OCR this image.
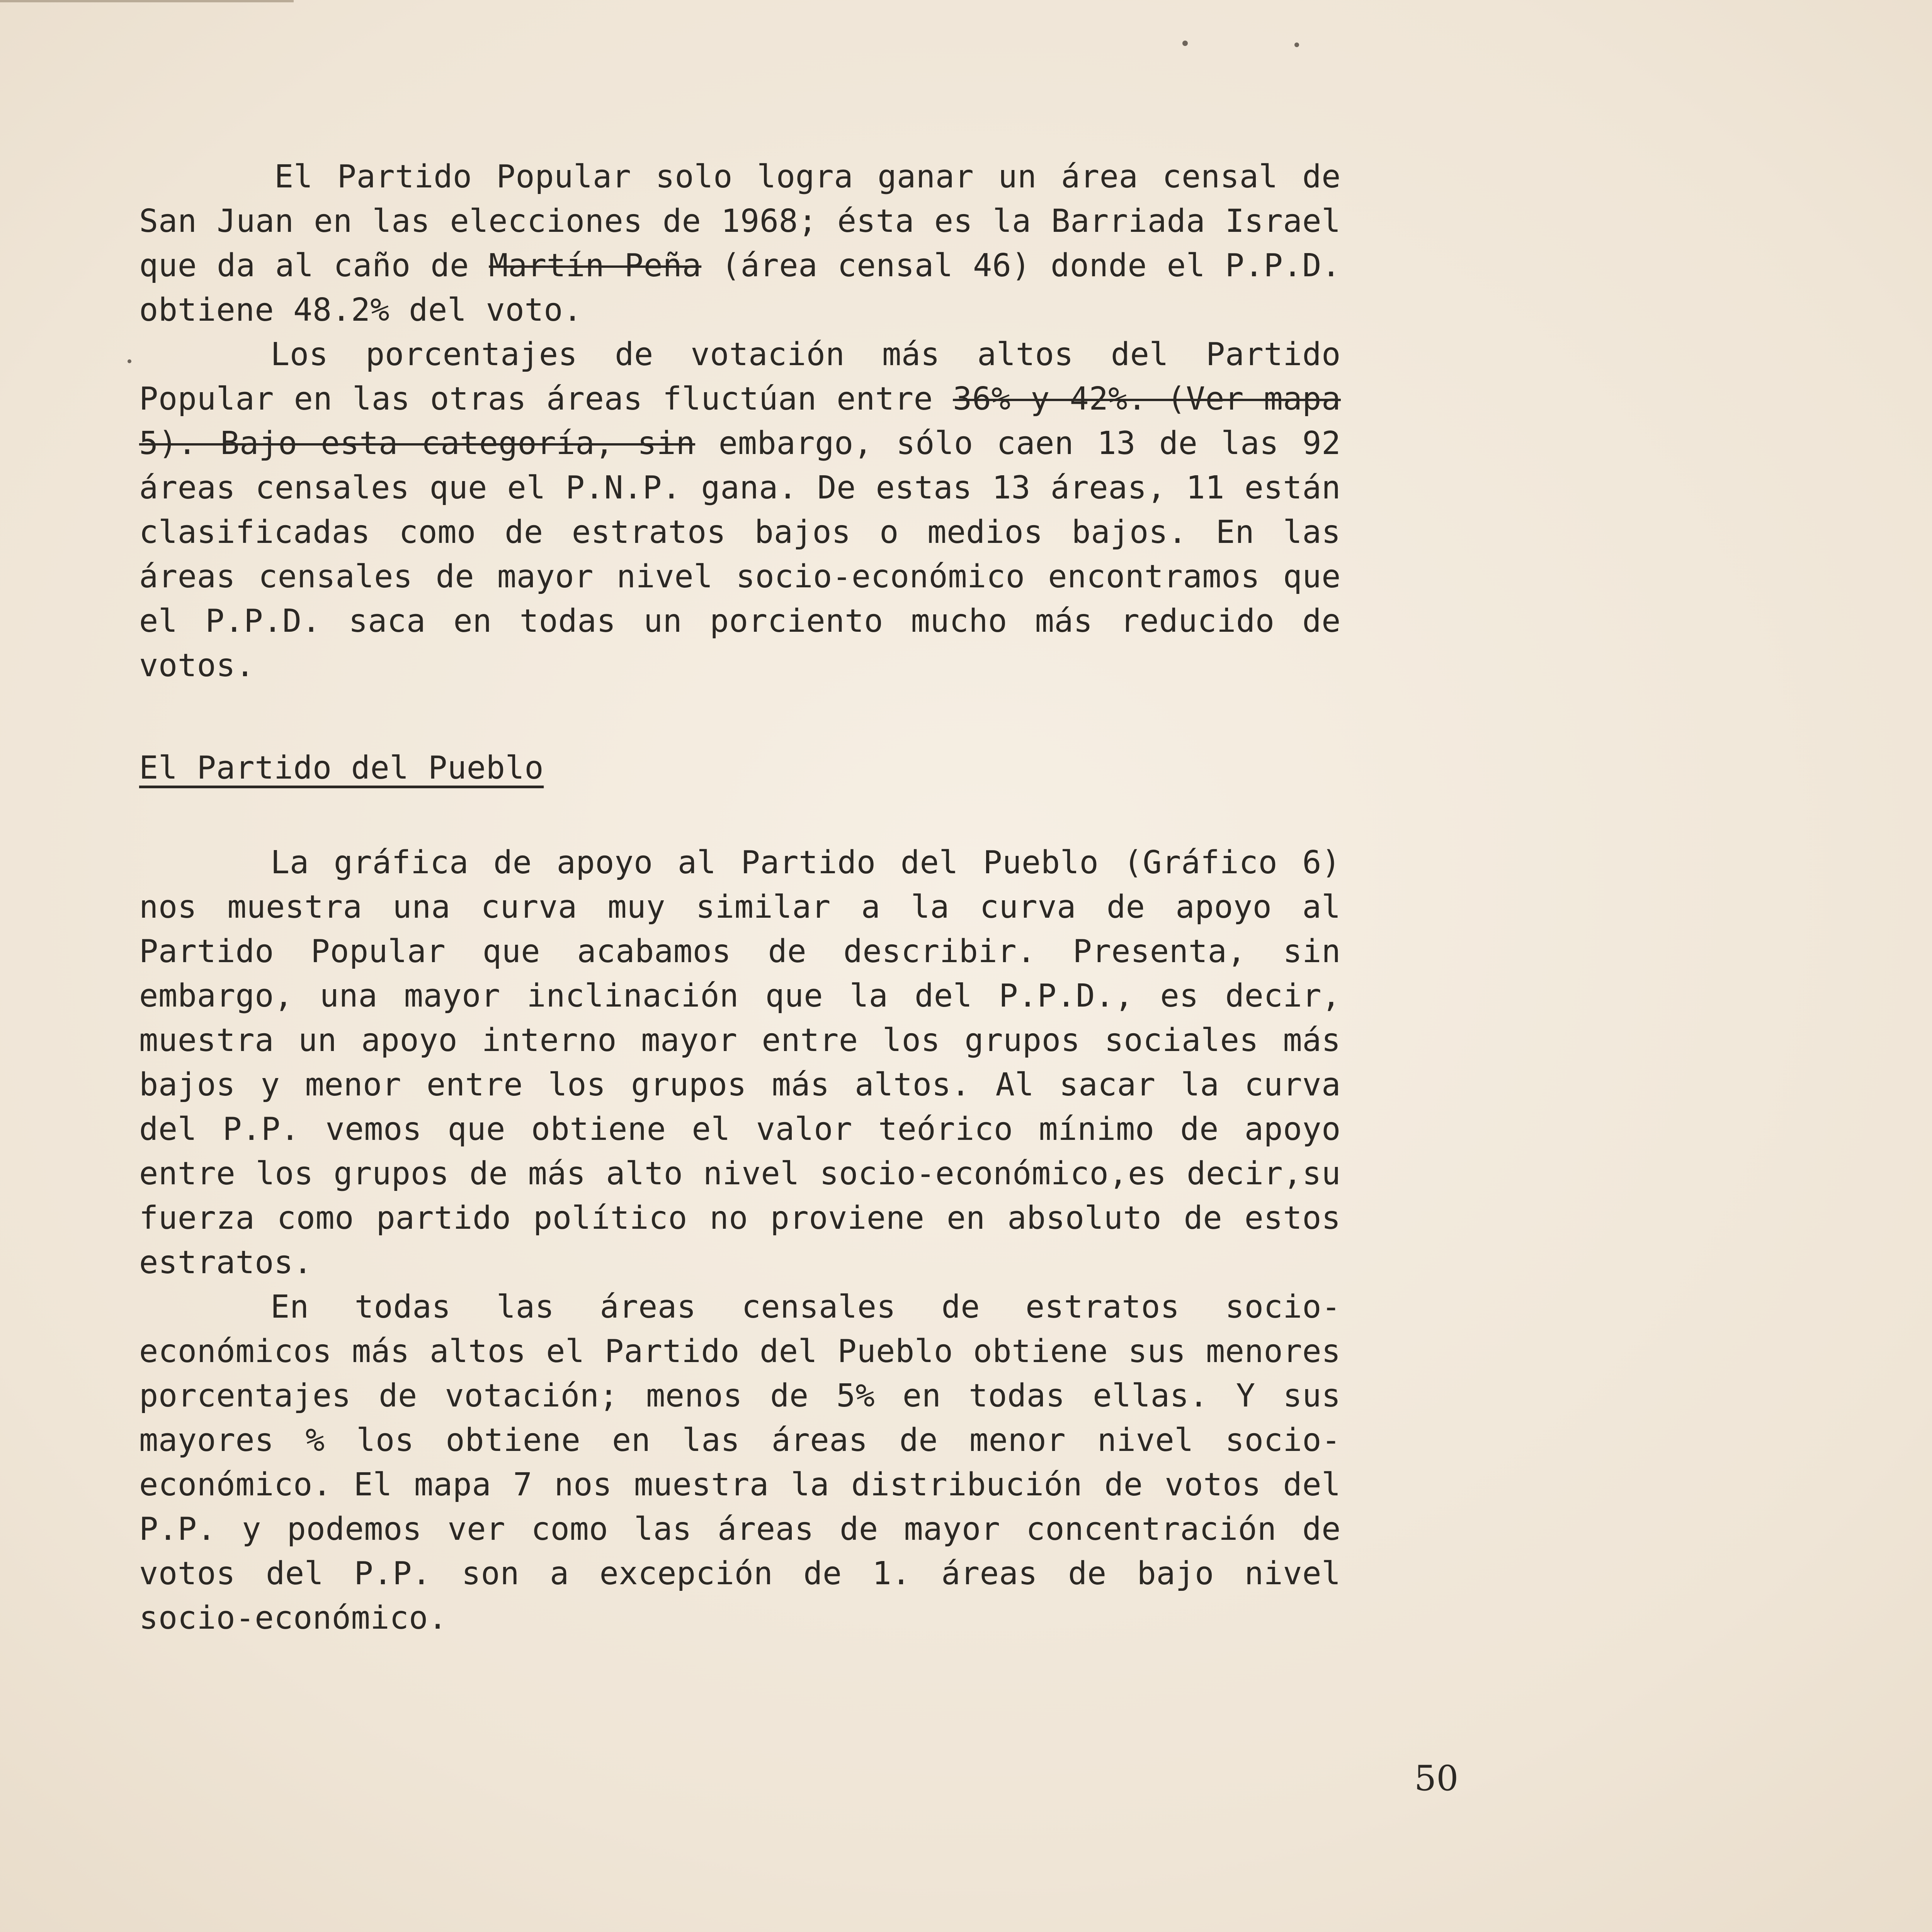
El Partido Popular solo logra ganar un área censal de San Juan en las elecciones de 1968; ésta es la Barriada Israel que da al caño de Martín Peña (área censal 46) donde el P.P.D. obtiene 48.2% del voto.

Los porcentajes de votación más altos del Partido Popular en las otras áreas fluctúan entre 36% y 42%. (Ver mapa 5). Bajo esta categoría, sin embargo, sólo caen 13 de las 92 áreas censales que el P.N.P. gana. De estas 13 áreas, 11 están clasificadas como de estratos bajos o medios bajos. En las áreas censales de mayor nivel socio-económico encontramos que el P.P.D. saca en todas un porciento mucho más reducido de votos.

El Partido del Pueblo

La gráfica de apoyo al Partido del Pueblo (Gráfico 6) nos muestra una curva muy similar a la curva de apoyo al Partido Popular que acabamos de describir. Presenta, sin embargo, una mayor inclinación que la del P.P.D., es decir, muestra un apoyo interno mayor entre los grupos sociales más bajos y menor entre los grupos más altos. Al sacar la curva del P.P. vemos que obtiene el valor teórico mínimo de apoyo entre los grupos de más alto nivel socio-económico,es decir,su fuerza como partido político no proviene en absoluto de estos estratos.

En todas las áreas censales de estratos socio-económicos más altos el Partido del Pueblo obtiene sus menores porcentajes de votación; menos de 5% en todas ellas. Y sus mayores % los obtiene en las áreas de menor nivel socio-económico. El mapa 7 nos muestra la distribución de votos del P.P. y podemos ver como las áreas de mayor concentración de votos del P.P. son a excepción de 1. áreas de bajo nivel socio-económico.

50
